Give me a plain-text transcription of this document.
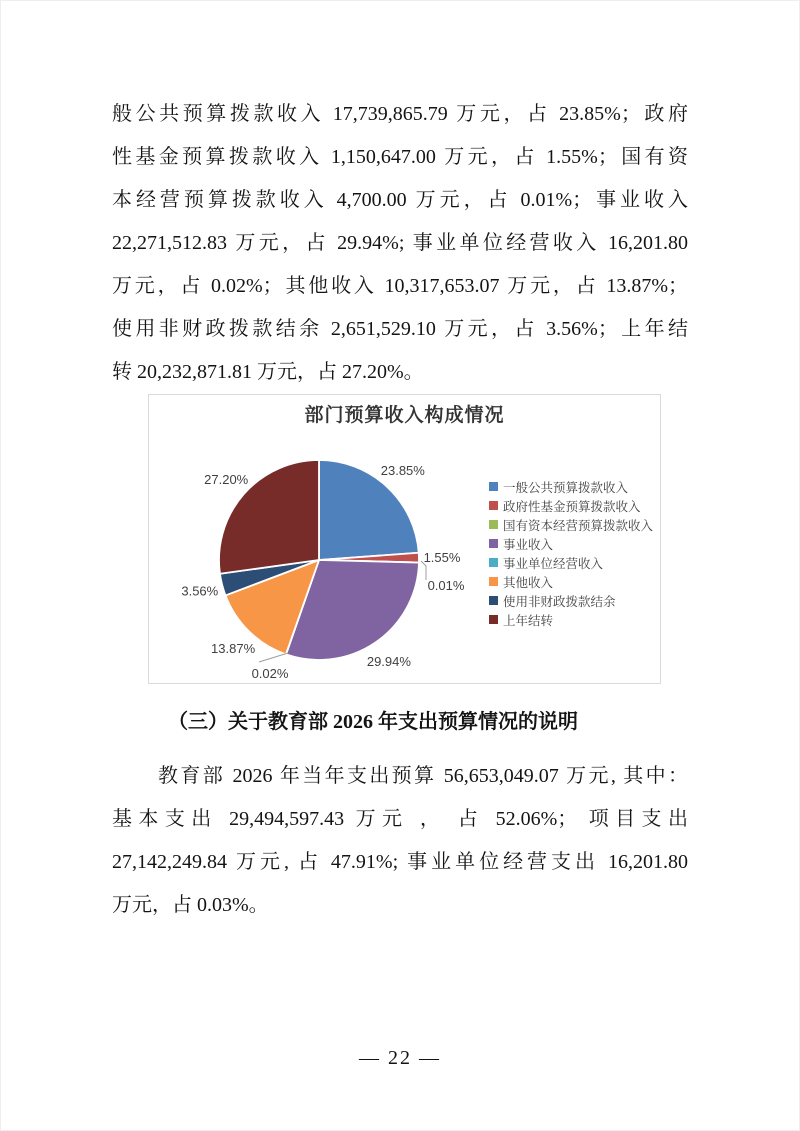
般公共预算拨款收入 17,739,865.79 万元，占 23.85%；政府
性基金预算拨款收入 1,150,647.00 万元，占 1.55%；国有资
本经营预算拨款收入 4,700.00 万元，占 0.01%；事业收入
22,271,512.83 万元，占 29.94%; 事业单位经营收入 16,201.80
万元，占 0.02%；其他收入 10,317,653.07 万元，占 13.87%；
使用非财政拨款结余 2,651,529.10 万元，占 3.56%；上年结
转 20,232,871.81 万元，占 27.20%。
部门预算收入构成情况
23.85%
1.55%
0.01%
29.94%
0.02%
13.87%
3.56%
27.20%
一般公共预算拨款收入
政府性基金预算拨款收入
国有资本经营预算拨款收入
事业收入
事业单位经营收入
其他收入
使用非财政拨款结余
上年结转
（三）关于教育部 2026 年支出预算情况的说明
教育部 2026 年当年支出预算 56,653,049.07 万元, 其中：
基本支出 29,494,597.43 万元 ， 占 52.06%； 项目支出
27,142,249.84 万元, 占 47.91%; 事业单位经营支出 16,201.80
万元，占 0.03%。
— 22 —
